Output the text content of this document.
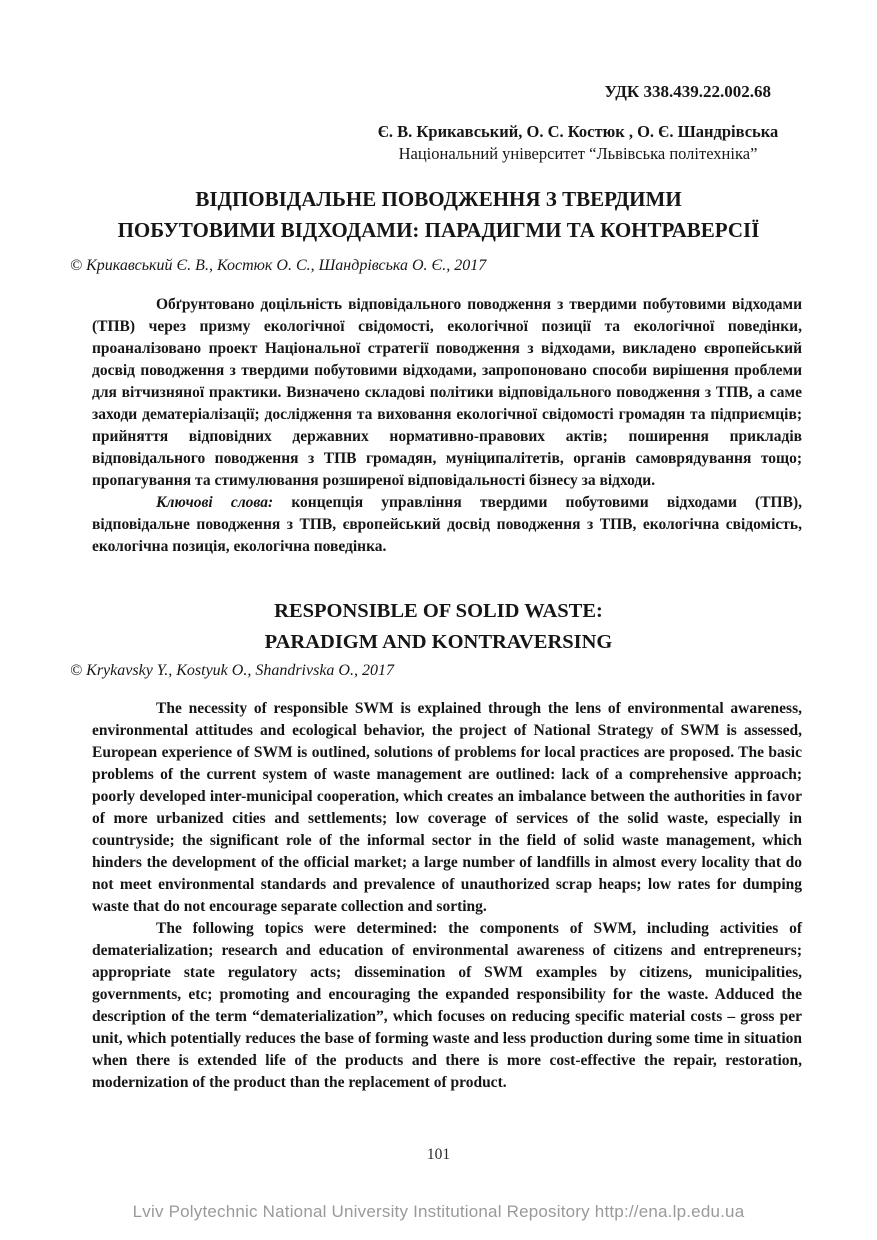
УДК 338.439.22.002.68
Є. В. Крикавський, О. С. Костюк , О. Є. Шандрівська
Національний університет “Львівська політехніка”
ВІДПОВІДАЛЬНЕ ПОВОДЖЕННЯ З ТВЕРДИМИ
ПОБУТОВИМИ ВІДХОДАМИ: ПАРАДИГМИ ТА КОНТРАВЕРСІЇ
© Крикавський Є. В., Костюк О. С., Шандрівська О. Є., 2017

Обґрунтовано доцільність відповідального поводження з твердими побутовими відходами (ТПВ) через призму екологічної свідомості, екологічної позиції та екологічної поведінки, проаналізовано проект Національної стратегії поводження з відходами, викладено європейський досвід поводження з твердими побутовими відходами, запропоновано способи вирішення проблеми для вітчизняної практики. Визначено складові політики відповідального поводження з ТПВ, а саме заходи дематеріалізації; дослідження та виховання екологічної свідомості громадян та підприємців; прийняття відповідних державних нормативно-правових актів; поширення прикладів відповідального поводження з ТПВ громадян, муніципалітетів, органів самоврядування тощо; пропагування та стимулювання розширеної відповідальності бізнесу за відходи.

Ключові слова: концепція управління твердими побутовими відходами (ТПВ), відповідальне поводження з ТПВ, європейський досвід поводження з ТПВ, екологічна свідомість, екологічна позиція, екологічна поведінка.

RESPONSIBLE OF SOLID WASTE:
PARADIGM AND KONTRAVERSING
© Krykavsky Y., Kostyuk O., Shandrivska O., 2017

The necessity of responsible SWM is explained through the lens of environmental awareness, environmental attitudes and ecological behavior, the project of National Strategy of SWM is assessed, European experience of SWM is outlined, solutions of problems for local practices are proposed. The basic problems of the current system of waste management are outlined: lack of a comprehensive approach; poorly developed inter-municipal cooperation, which creates an imbalance between the authorities in favor of more urbanized cities and settlements; low coverage of services of the solid waste, especially in countryside; the significant role of the informal sector in the field of solid waste management, which hinders the development of the official market; a large number of landfills in almost every locality that do not meet environmental standards and prevalence of unauthorized scrap heaps; low rates for dumping waste that do not encourage separate collection and sorting.

The following topics were determined: the components of SWM, including activities of dematerialization; research and education of environmental awareness of citizens and entrepreneurs; appropriate state regulatory acts; dissemination of SWM examples by citizens, municipalities, governments, etc; promoting and encouraging the expanded responsibility for the waste. Adduced the description of the term “dematerialization”, which focuses on reducing specific material costs – gross per unit, which potentially reduces the base of forming waste and less production during some time in situation when there is extended life of the products and there is more cost-effective the repair, restoration, modernization of the product than the replacement of product.

101
Lviv Polytechnic National University Institutional Repository http://ena.lp.edu.ua
